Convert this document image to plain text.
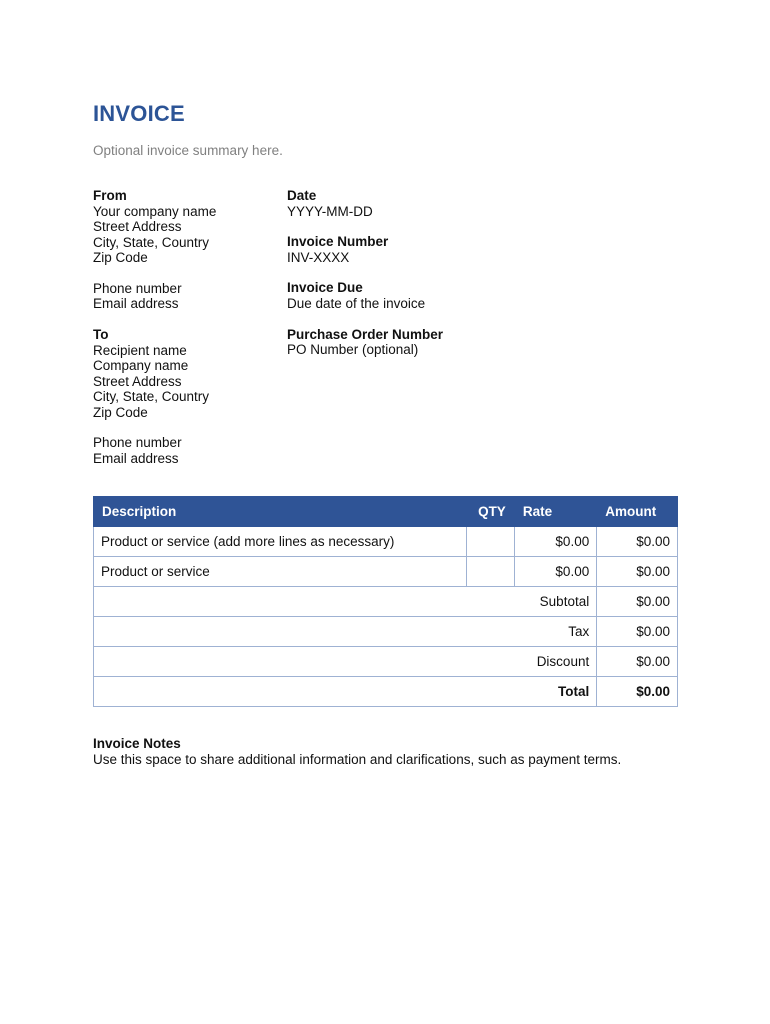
INVOICE
Optional invoice summary here.
From
Your company name
Street Address
City, State, Country
Zip Code
Phone number
Email address
To
Recipient name
Company name
Street Address
City, State, Country
Zip Code
Phone number
Email address
Date
YYYY-MM-DD
Invoice Number
INV-XXXX
Invoice Due
Due date of the invoice
Purchase Order Number
PO Number (optional)
Description	QTY	Rate	Amount
Product or service (add more lines as necessary)		$0.00	$0.00
Product or service		$0.00	$0.00
Subtotal			$0.00
Tax			$0.00
Discount			$0.00
Total			$0.00
Invoice Notes
Use this space to share additional information and clarifications, such as payment terms.
